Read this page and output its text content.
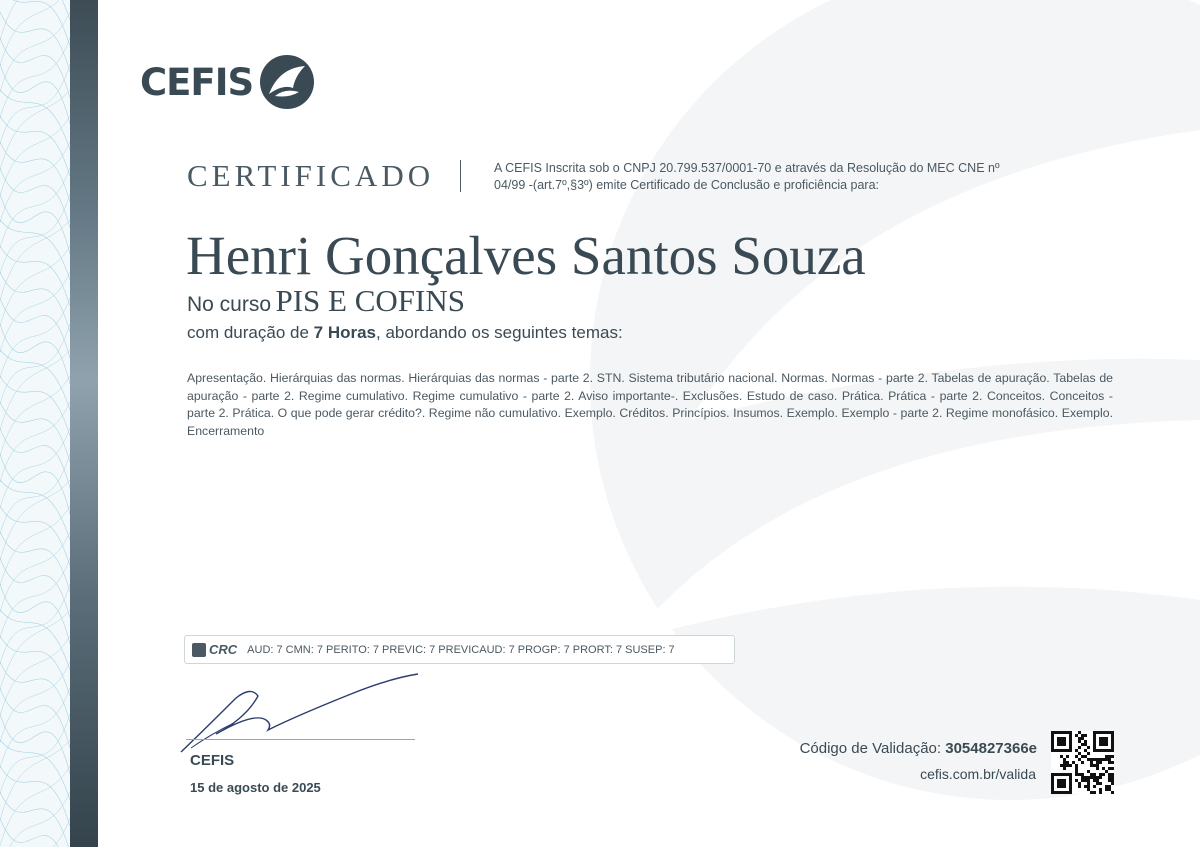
CEFIS
CERTIFICADO	A CEFIS Inscrita sob o CNPJ 20.799.537/0001-70 e através da Resolução do MEC CNE nº 04/99 -(art.7º,§3º) emite Certificado de Conclusão e proficiência para:
Henri Gonçalves Santos Souza
No curso PIS E COFINS
com duração de 7 Horas, abordando os seguintes temas:
Apresentação. Hierárquias das normas. Hierárquias das normas - parte 2. STN. Sistema tributário nacional. Normas. Normas - parte 2. Tabelas de apuração. Tabelas de apuração - parte 2. Regime cumulativo. Regime cumulativo - parte 2. Aviso importante-. Exclusões. Estudo de caso. Prática. Prática - parte 2. Conceitos. Conceitos - parte 2. Prática. O que pode gerar crédito?. Regime não cumulativo. Exemplo. Créditos. Princípios. Insumos. Exemplo. Exemplo - parte 2. Regime monofásico. Exemplo. Encerramento
CRC AUD: 7 CMN: 7 PERITO: 7 PREVIC: 7 PREVICAUD: 7 PROGP: 7 PRORT: 7 SUSEP: 7
CEFIS
15 de agosto de 2025
Código de Validação: 3054827366e
cefis.com.br/valida
